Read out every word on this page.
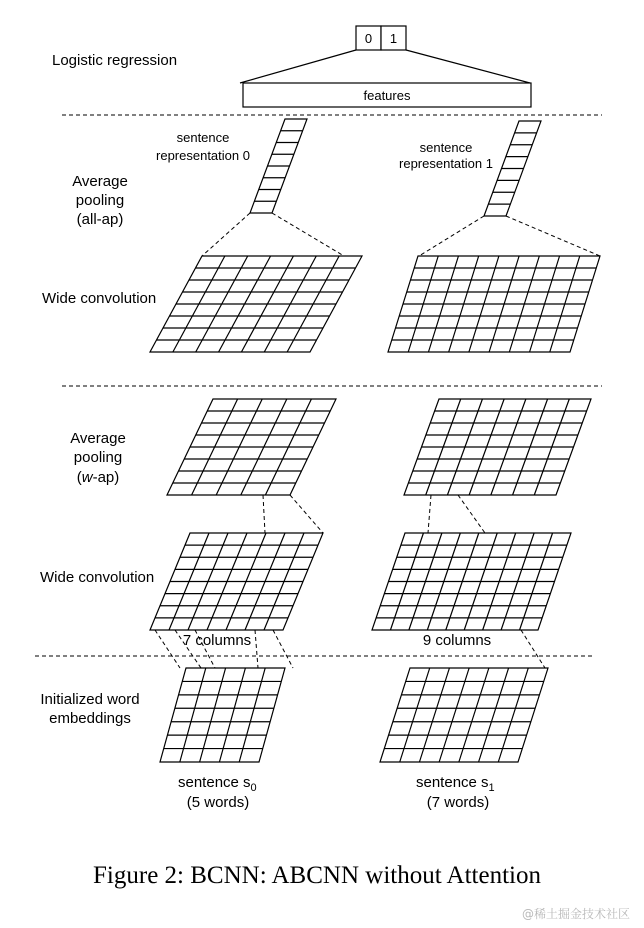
0 1
features
Logistic regression
sentence
representation 0
sentence
representation 1
Average
pooling
(all-ap)
Wide convolution
Average
pooling
(w-ap)
Wide convolution
7 columns	9 columns
Initialized word
embeddings
sentence $s_0$
(5 words)
sentence $s_1$
(7 words)
Figure 2: BCNN: ABCNN without Attention
@稀土掘金技术社区
